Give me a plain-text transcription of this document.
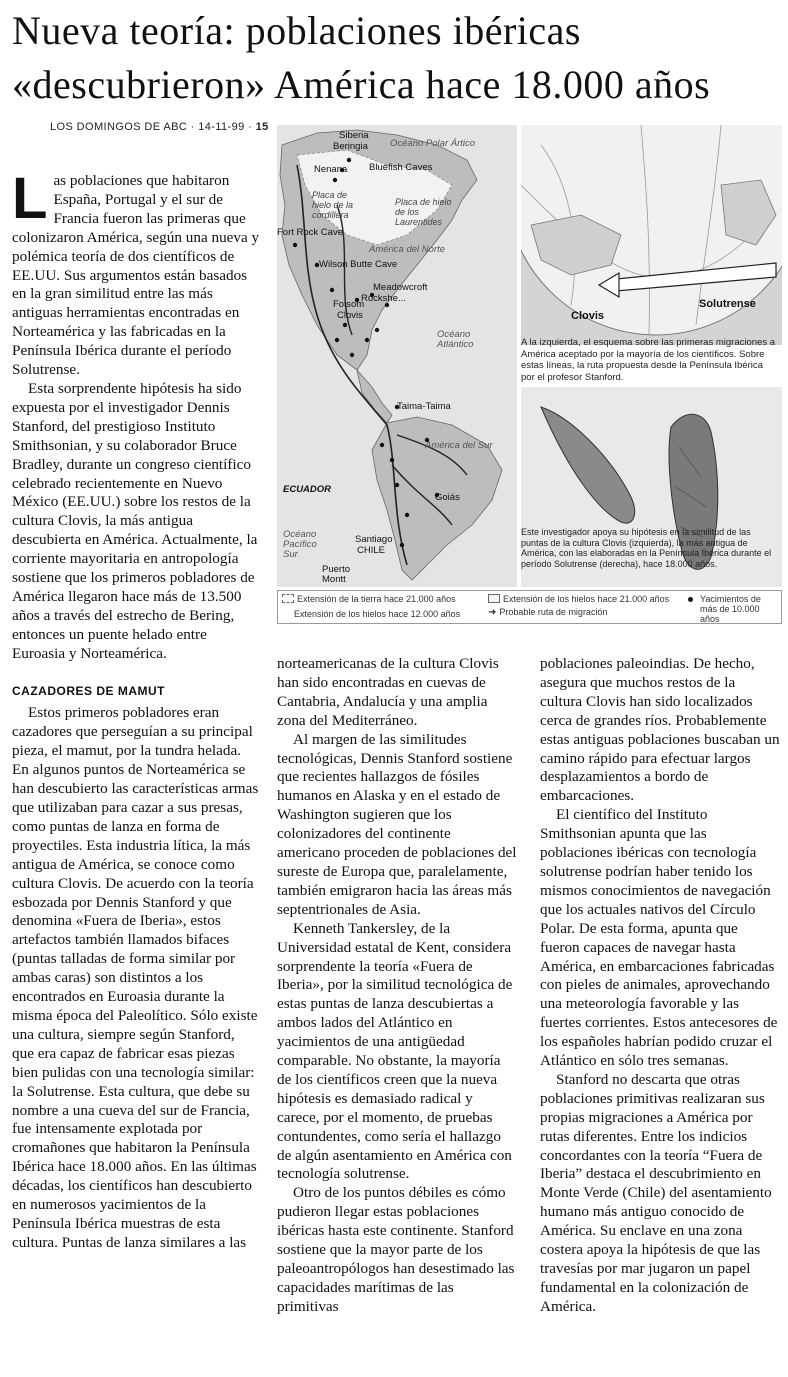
Nueva teoría: poblaciones ibéricas
«descubrieron» América hace 18.000 años
LOS DOMINGOS DE ABC · 14-11-99 · 15

Las poblaciones que habitaron España, Portugal y el sur de Francia fueron las primeras que colonizaron América, según una nueva y polémica teoría de dos científicos de EE.UU. Sus argumentos están basados en la gran similitud entre las más antiguas herramientas encontradas en Norteamérica y las fabricadas en la Península Ibérica durante el período Solutrense.

Esta sorprendente hipótesis ha sido expuesta por el investigador Dennis Stanford, del prestigioso Instituto Smithsonian, y su colaborador Bruce Bradley, durante un congreso científico celebrado recientemente en Nuevo México (EE.UU.) sobre los restos de la cultura Clovis, la más antigua descubierta en América. Actualmente, la corriente mayoritaria en antropología sostiene que los primeros pobladores de América llegaron hace más de 13.500 años a través del estrecho de Bering, entonces un puente helado entre Euroasia y Norteamérica.

CAZADORES DE MAMUT

Estos primeros pobladores eran cazadores que perseguían a su principal pieza, el mamut, por la tundra helada. En algunos puntos de Norteamérica se han descubierto las características armas que utilizaban para cazar a sus presas, como puntas de lanza en forma de proyectiles. Esta industria lítica, la más antigua de América, se conoce como cultura Clovis. De acuerdo con la teoría esbozada por Dennis Stanford y que denomina «Fuera de Iberia», estos artefactos también llamados bifaces (puntas talladas de forma similar por ambas caras) son distintos a los encontrados en Euroasia durante la misma época del Paleolítico. Sólo existe una cultura, siempre según Stanford, que era capaz de fabricar esas piezas bien pulidas con una tecnología similar: la Solutrense. Esta cultura, que debe su nombre a una cueva del sur de Francia, fue intensamente explotada por cromañones que habitaron la Península Ibérica hace 18.000 años. En las últimas décadas, los científicos han descubierto en numerosos yacimientos de la Península Ibérica muestras de esta cultura. Puntas de lanza similares a las

norteamericanas de la cultura Clovis han sido encontradas en cuevas de Cantabria, Andalucía y una amplia zona del Mediterráneo.

Al margen de las similitudes tecnológicas, Dennis Stanford sostiene que recientes hallazgos de fósiles humanos en Alaska y en el estado de Washington sugieren que los colonizadores del continente americano proceden de poblaciones del sureste de Europa que, paralelamente, también emigraron hacia las áreas más septentrionales de Asia.

Kenneth Tankersley, de la Universidad estatal de Kent, considera sorprendente la teoría «Fuera de Iberia», por la similitud tecnológica de estas puntas de lanza descubiertas a ambos lados del Atlántico en yacimientos de una antigüedad comparable. No obstante, la mayoría de los científicos creen que la nueva hipótesis es demasiado radical y carece, por el momento, de pruebas contundentes, como sería el hallazgo de algún asentamiento en América con tecnología solutrense.

Otro de los puntos débiles es cómo pudieron llegar estas poblaciones ibéricas hasta este continente. Stanford sostiene que la mayor parte de los paleoantropólogos han desestimado las capacidades marítimas de las primitivas

poblaciones paleoindias. De hecho, asegura que muchos restos de la cultura Clovis han sido localizados cerca de grandes ríos. Probablemente estas antiguas poblaciones buscaban un camino rápido para efectuar largos desplazamientos a bordo de embarcaciones.

El científico del Instituto Smithsonian apunta que las poblaciones ibéricas con tecnología solutrense podrían haber tenido los mismos conocimientos de navegación que los actuales nativos del Círculo Polar. De esta forma, apunta que fueron capaces de navegar hasta América, en embarcaciones fabricadas con pieles de animales, aprovechando una meteorología favorable y las fuertes corrientes. Estos antecesores de los españoles habrían podido cruzar el Atlántico en sólo tres semanas.

Stanford no descarta que otras poblaciones primitivas realizaran sus propias migraciones a América por rutas diferentes. Entre los indicios concordantes con la teoría “Fuera de Iberia” destaca el descubrimiento en Monte Verde (Chile) del asentamiento humano más antiguo conocido de América. Su enclave en una zona costera apoya la hipótesis de que las travesías por mar jugaron un papel fundamental en la colonización de América.

Siberia
Beringia Océano Polar Ártico
Bluefish Caves
Nenana
Placa de hielo de la cordillera
Placa de hielo de los Laurentides
Fort Rock Cave
América del Norte
Wilson Butte Cave
Meadowcroft
Rockshe...
Folsom
Clovis
Océano Atlántico
Taima-Taima
América del Sur
ECUADOR
Goiás
Océano Pacífico Sur
Santiago
CHILE
Puerto Montt
Clovis
Solutrense
A la izquierda, el esquema sobre las primeras migraciones a América aceptado por la mayoría de los científicos. Sobre estas líneas, la ruta propuesta desde la Península Ibérica por el profesor Stanford.
Este investigador apoya su hipótesis en la similitud de las puntas de la cultura Clovis (izquierda), la más antigua de América, con las elaboradas en la Península Ibérica durante el período Solutrense (derecha), hace 18.000 años.
Extensión de la tierra hace 21.000 años	Extensión de los hielos hace 21.000 años	Yacimientos de más de 10.000 años
Extensión de los hielos hace 12.000 años	➜ Probable ruta de migración
